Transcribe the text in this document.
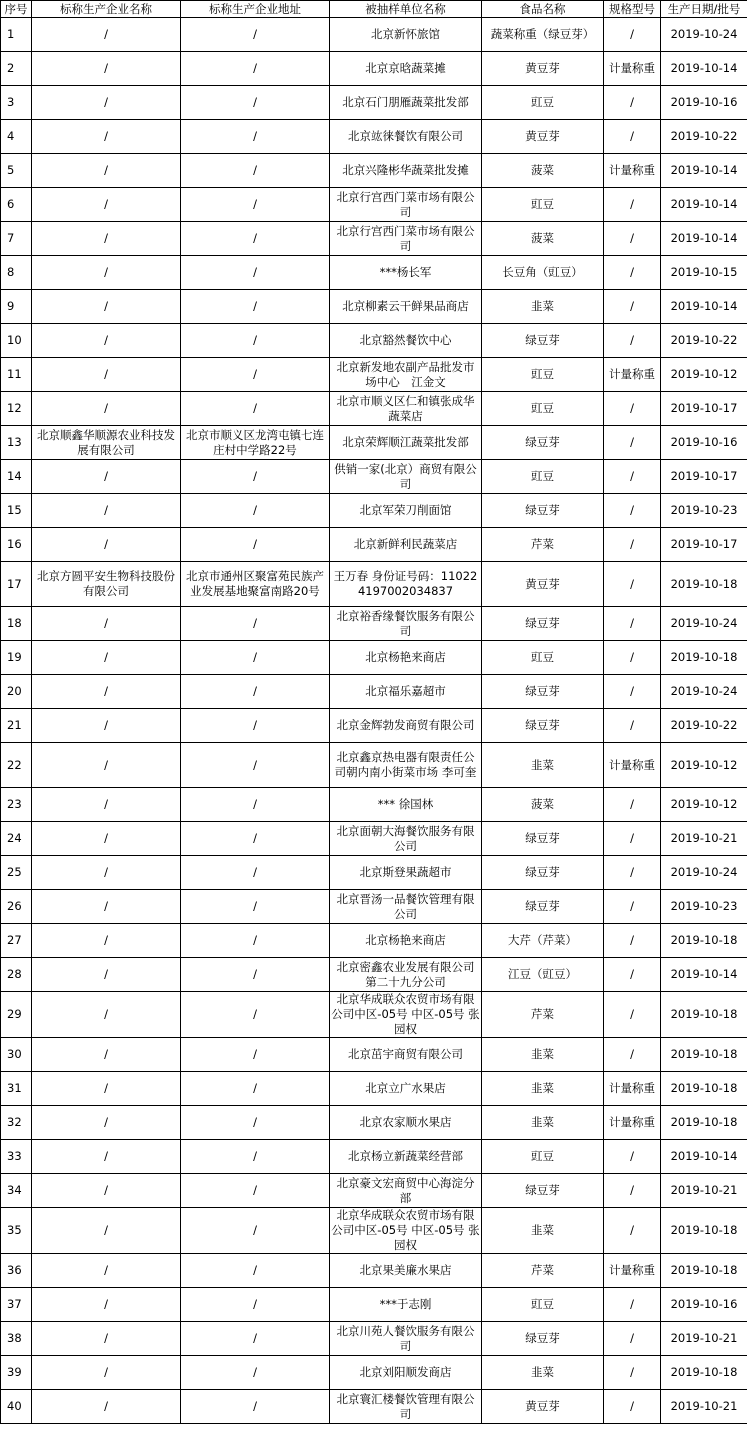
序号	标称生产企业名称	标称生产企业地址	被抽样单位名称	食品名称	规格型号	生产日期/批号
1	/	/	北京新怀旅馆	蔬菜称重（绿豆芽）	/	2019-10-24
2	/	/	北京京晗蔬菜摊	黄豆芽	计量称重	2019-10-14
3	/	/	北京石门朋雁蔬菜批发部	豇豆	/	2019-10-16
4	/	/	北京竑徕餐饮有限公司	黄豆芽	/	2019-10-22
5	/	/	北京兴隆彬华蔬菜批发摊	菠菜	计量称重	2019-10-14
6	/	/	北京行宫西门菜市场有限公司	豇豆	/	2019-10-14
7	/	/	北京行宫西门菜市场有限公司	菠菜	/	2019-10-14
8	/	/	***杨长军	长豆角（豇豆）	/	2019-10-15
9	/	/	北京柳素云干鲜果品商店	韭菜	/	2019-10-14
10	/	/	北京豁然餐饮中心	绿豆芽	/	2019-10-22
11	/	/	北京新发地农副产品批发市场中心　江金文	豇豆	计量称重	2019-10-12
12	/	/	北京市顺义区仁和镇张成华蔬菜店	豇豆	/	2019-10-17
13	北京顺鑫华顺源农业科技发展有限公司	北京市顺义区龙湾屯镇七连庄村中学路22号	北京荣辉顺江蔬菜批发部	绿豆芽	/	2019-10-16
14	/	/	供销一家(北京）商贸有限公司	豇豆	/	2019-10-17
15	/	/	北京军荣刀削面馆	绿豆芽	/	2019-10-23
16	/	/	北京新鲜利民蔬菜店	芹菜	/	2019-10-17
17	北京方圆平安生物科技股份有限公司	北京市通州区聚富苑民族产业发展基地聚富南路20号	王万春 身份证号码：110224197002034837	黄豆芽	/	2019-10-18
18	/	/	北京裕香缘餐饮服务有限公司	绿豆芽	/	2019-10-24
19	/	/	北京杨艳来商店	豇豆	/	2019-10-18
20	/	/	北京福乐嘉超市	绿豆芽	/	2019-10-24
21	/	/	北京金辉勃发商贸有限公司	绿豆芽	/	2019-10-22
22	/	/	北京鑫京热电器有限责任公司朝内南小街菜市场 李可奎	韭菜	计量称重	2019-10-12
23	/	/	*** 徐国林	菠菜	/	2019-10-12
24	/	/	北京面朝大海餐饮服务有限公司	绿豆芽	/	2019-10-21
25	/	/	北京斯登果蔬超市	绿豆芽	/	2019-10-24
26	/	/	北京晋汤一品餐饮管理有限公司	绿豆芽	/	2019-10-23
27	/	/	北京杨艳来商店	大芹（芹菜）	/	2019-10-18
28	/	/	北京密鑫农业发展有限公司第二十九分公司	江豆（豇豆）	/	2019-10-14
29	/	/	北京华成联众农贸市场有限公司中区-05号 中区-05号 张园权	芹菜	/	2019-10-18
30	/	/	北京茁宇商贸有限公司	韭菜	/	2019-10-18
31	/	/	北京立广水果店	韭菜	计量称重	2019-10-18
32	/	/	北京农家顺水果店	韭菜	计量称重	2019-10-18
33	/	/	北京杨立新蔬菜经营部	豇豆	/	2019-10-14
34	/	/	北京豪文宏商贸中心海淀分部	绿豆芽	/	2019-10-21
35	/	/	北京华成联众农贸市场有限公司中区-05号 中区-05号 张园权	韭菜	/	2019-10-18
36	/	/	北京果美廉水果店	芹菜	计量称重	2019-10-18
37	/	/	***于志刚	豇豆	/	2019-10-16
38	/	/	北京川苑人餐饮服务有限公司	绿豆芽	/	2019-10-21
39	/	/	北京刘阳顺发商店	韭菜	/	2019-10-18
40	/	/	北京寰汇楼餐饮管理有限公司	黄豆芽	/	2019-10-21
